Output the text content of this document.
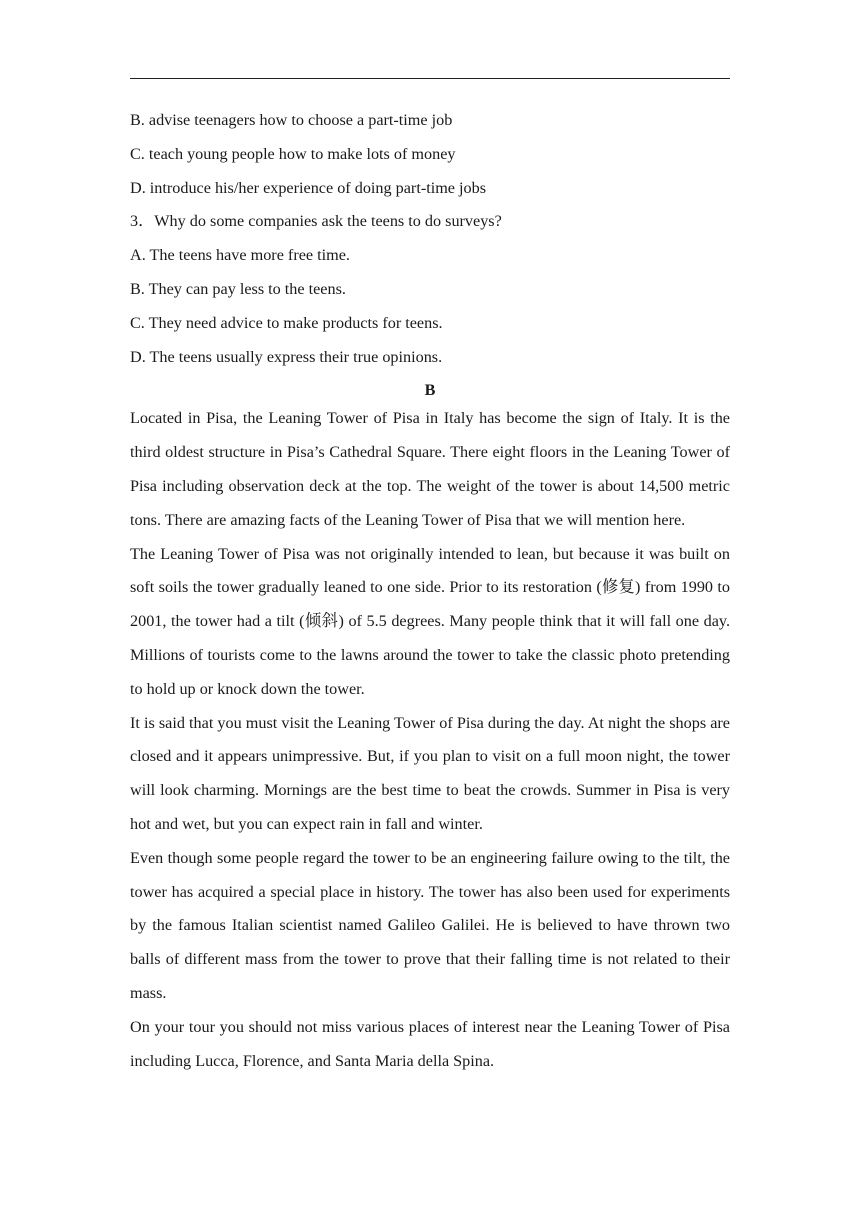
B. advise teenagers how to choose a part-time job

C. teach young people how to make lots of money

D. introduce his/her experience of doing part-time jobs

3．Why do some companies ask the teens to do surveys?

A. The teens have more free time.

B. They can pay less to the teens.

C. They need advice to make products for teens.

D. The teens usually express their true opinions.

B

Located in Pisa, the Leaning Tower of Pisa in Italy has become the sign of Italy. It is the third oldest structure in Pisa’s Cathedral Square. There eight floors in the Leaning Tower of Pisa including observation deck at the top. The weight of the tower is about 14,500 metric tons. There are amazing facts of the Leaning Tower of Pisa that we will mention here.

The Leaning Tower of Pisa was not originally intended to lean, but because it was built on soft soils the tower gradually leaned to one side. Prior to its restoration (修复) from 1990 to 2001, the tower had a tilt (倾斜) of 5.5 degrees. Many people think that it will fall one day. Millions of tourists come to the lawns around the tower to take the classic photo pretending to hold up or knock down the tower.

It is said that you must visit the Leaning Tower of Pisa during the day. At night the shops are closed and it appears unimpressive. But, if you plan to visit on a full moon night, the tower will look charming. Mornings are the best time to beat the crowds. Summer in Pisa is very hot and wet, but you can expect rain in fall and winter.

Even though some people regard the tower to be an engineering failure owing to the tilt, the tower has acquired a special place in history. The tower has also been used for experiments by the famous Italian scientist named Galileo Galilei. He is believed to have thrown two balls of different mass from the tower to prove that their falling time is not related to their mass.

On your tour you should not miss various places of interest near the Leaning Tower of Pisa including Lucca, Florence, and Santa Maria della Spina.
